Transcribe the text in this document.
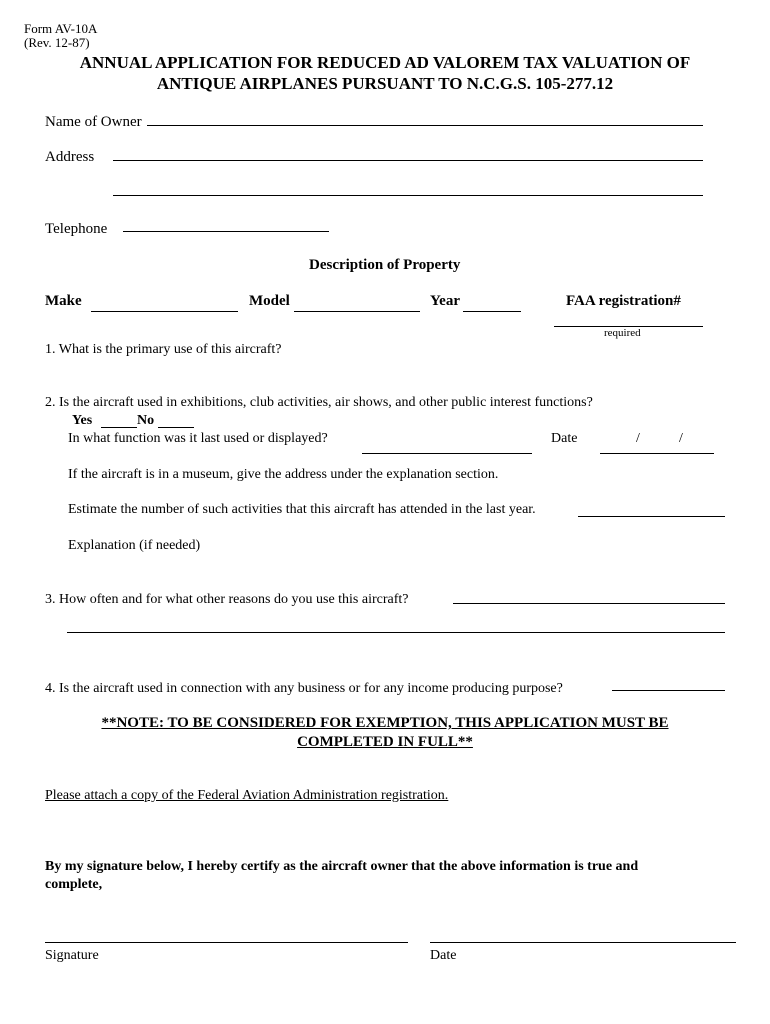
Form AV-10A
(Rev. 12-87)
ANNUAL APPLICATION FOR REDUCED AD VALOREM TAX VALUATION OF
ANTIQUE AIRPLANES PURSUANT TO N.C.G.S. 105-277.12
Name of Owner
Address
Telephone
Description of Property
Make	Model	Year	FAA registration#
required
1. What is the primary use of this aircraft?
2. Is the aircraft used in exhibitions, club activities, air shows, and other public interest functions?
Yes	No
In what function was it last used or displayed?	Date	/	/
If the aircraft is in a museum, give the address under the explanation section.
Estimate the number of such activities that this aircraft has attended in the last year.
Explanation (if needed)
3. How often and for what other reasons do you use this aircraft?
4. Is the aircraft used in connection with any business or for any income producing purpose?
**NOTE: TO BE CONSIDERED FOR EXEMPTION, THIS APPLICATION MUST BE
COMPLETED IN FULL**
Please attach a copy of the Federal Aviation Administration registration.
By my signature below, I hereby certify as the aircraft owner that the above information is true and
complete,
Signature	Date
